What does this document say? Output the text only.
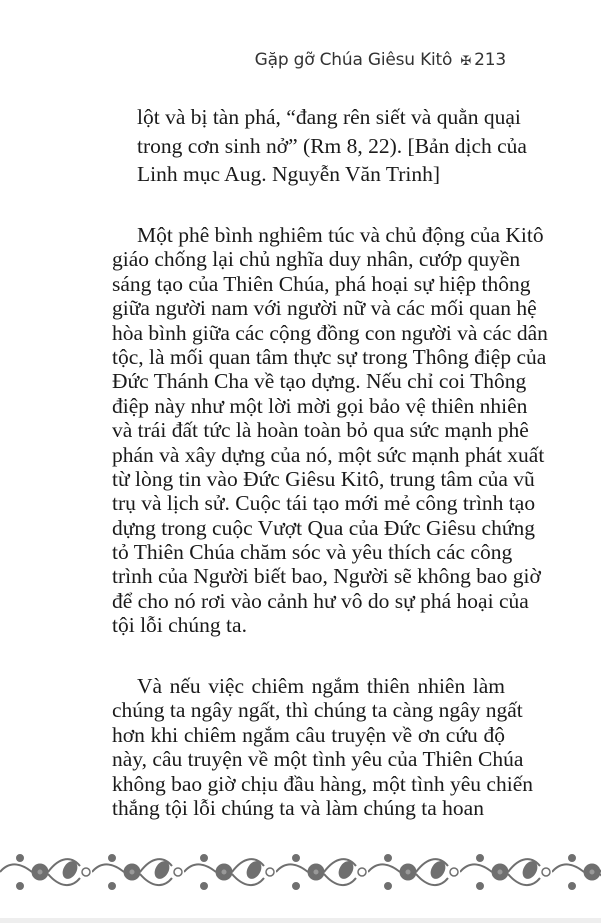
Gặp gỡ Chúa Giêsu Kitô ✠ 213
lột và bị tàn phá, “đang rên siết và quằn quại
trong cơn sinh nở” (Rm 8, 22). [Bản dịch của
Linh mục Aug. Nguyễn Văn Trinh]
Một phê bình nghiêm túc và chủ động của Kitô
giáo chống lại chủ nghĩa duy nhân, cướp quyền
sáng tạo của Thiên Chúa, phá hoại sự hiệp thông
giữa người nam với người nữ và các mối quan hệ
hòa bình giữa các cộng đồng con người và các dân
tộc, là mối quan tâm thực sự trong Thông điệp của
Đức Thánh Cha về tạo dựng. Nếu chỉ coi Thông
điệp này như một lời mời gọi bảo vệ thiên nhiên
và trái đất tức là hoàn toàn bỏ qua sức mạnh phê
phán và xây dựng của nó, một sức mạnh phát xuất
từ lòng tin vào Đức Giêsu Kitô, trung tâm của vũ
trụ và lịch sử. Cuộc tái tạo mới mẻ công trình tạo
dựng trong cuộc Vượt Qua của Đức Giêsu chứng
tỏ Thiên Chúa chăm sóc và yêu thích các công
trình của Người biết bao, Người sẽ không bao giờ
để cho nó rơi vào cảnh hư vô do sự phá hoại của
tội lỗi chúng ta.
Và nếu việc chiêm ngắm thiên nhiên làm
chúng ta ngây ngất, thì chúng ta càng ngây ngất
hơn khi chiêm ngắm câu truyện về ơn cứu độ
này, câu truyện về một tình yêu của Thiên Chúa
không bao giờ chịu đầu hàng, một tình yêu chiến
thắng tội lỗi chúng ta và làm chúng ta hoan
